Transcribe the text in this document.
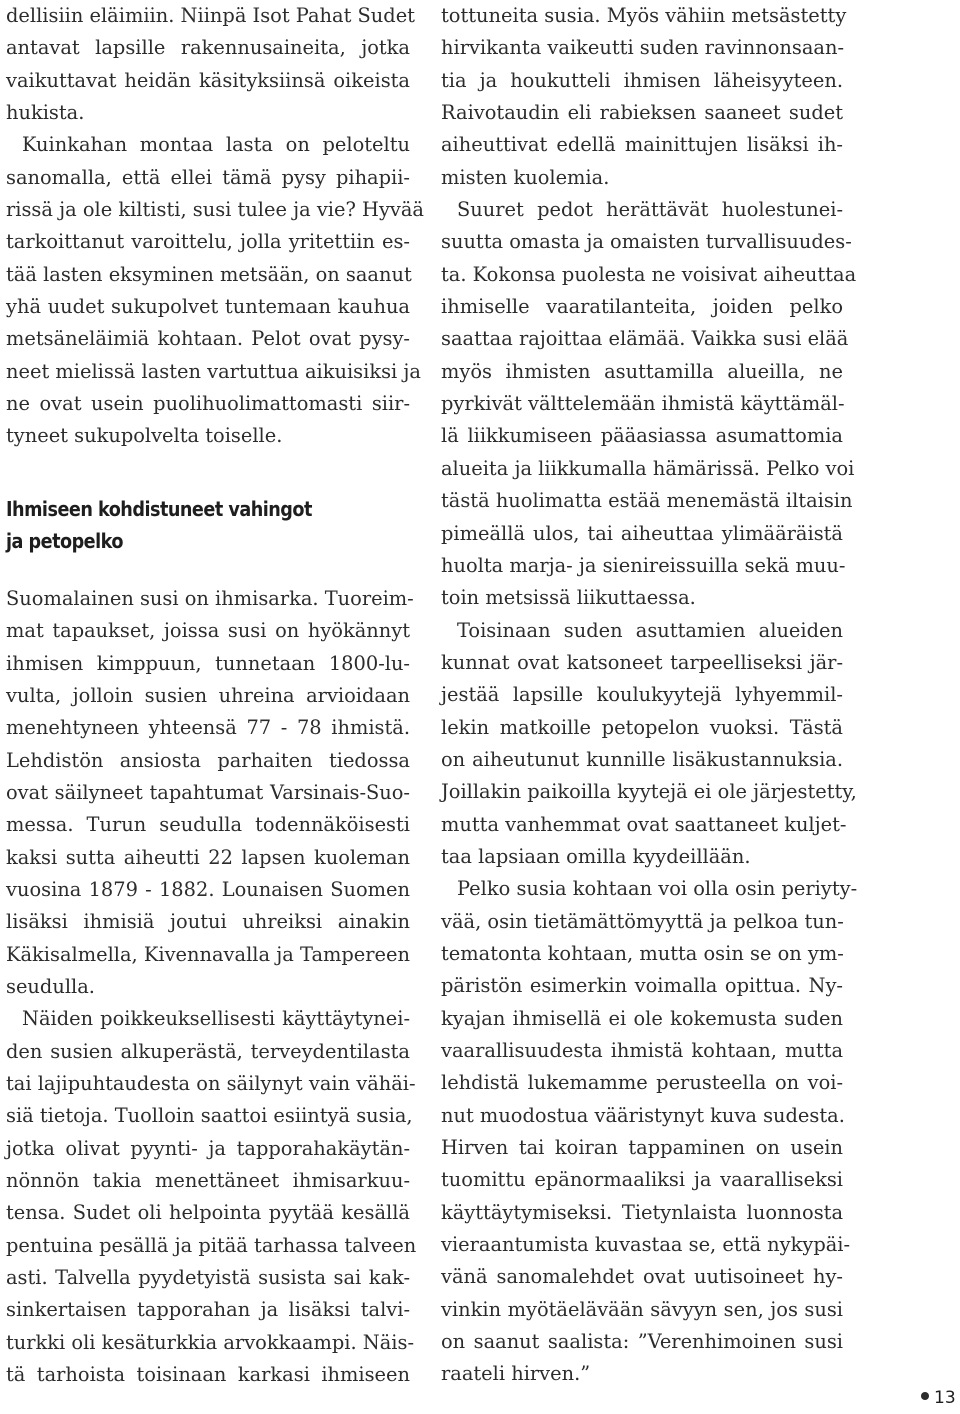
dellisiin eläimiin. Niinpä Isot Pahat Sudet
antavat lapsille rakennusaineita, jotka
vaikuttavat heidän käsityksiinsä oikeista
hukista.
Kuinkahan montaa lasta on peloteltu
sanomalla, että ellei tämä pysy pihapii-
rissä ja ole kiltisti, susi tulee ja vie? Hyvää
tarkoittanut varoittelu, jolla yritettiin es-
tää lasten eksyminen metsään, on saanut
yhä uudet sukupolvet tuntemaan kauhua
metsäneläimiä kohtaan. Pelot ovat pysy-
neet mielissä lasten vartuttua aikuisiksi ja
ne ovat usein puolihuolimattomasti siir-
tyneet sukupolvelta toiselle.
Ihmiseen kohdistuneet vahingot
ja petopelko
Suomalainen susi on ihmisarka. Tuoreim-
mat tapaukset, joissa susi on hyökännyt
ihmisen kimppuun, tunnetaan 1800-lu-
vulta, jolloin susien uhreina arvioidaan
menehtyneen yhteensä 77 - 78 ihmistä.
Lehdistön ansiosta parhaiten tiedossa
ovat säilyneet tapahtumat Varsinais-Suo-
messa. Turun seudulla todennäköisesti
kaksi sutta aiheutti 22 lapsen kuoleman
vuosina 1879 - 1882. Lounaisen Suomen
lisäksi ihmisiä joutui uhreiksi ainakin
Käkisalmella, Kivennavalla ja Tampereen
seudulla.
Näiden poikkeuksellisesti käyttäytynei-
den susien alkuperästä, terveydentilasta
tai lajipuhtaudesta on säilynyt vain vähäi-
siä tietoja. Tuolloin saattoi esiintyä susia,
jotka olivat pyynti- ja tapporahakäytän-
nönnön takia menettäneet ihmisarkuu-
tensa. Sudet oli helpointa pyytää kesällä
pentuina pesällä ja pitää tarhassa talveen
asti. Talvella pyydetyistä susista sai kak-
sinkertaisen tapporahan ja lisäksi talvi-
turkki oli kesäturkkia arvokkaampi. Näis-
tä tarhoista toisinaan karkasi ihmiseen
tottuneita susia. Myös vähiin metsästetty
hirvikanta vaikeutti suden ravinnonsaan-
tia ja houkutteli ihmisen läheisyyteen.
Raivotaudin eli rabieksen saaneet sudet
aiheuttivat edellä mainittujen lisäksi ih-
misten kuolemia.
Suuret pedot herättävät huolestunei-
suutta omasta ja omaisten turvallisuudes-
ta. Kokonsa puolesta ne voisivat aiheuttaa
ihmiselle vaaratilanteita, joiden pelko
saattaa rajoittaa elämää. Vaikka susi elää
myös ihmisten asuttamilla alueilla, ne
pyrkivät välttelemään ihmistä käyttämäl-
lä liikkumiseen pääasiassa asumattomia
alueita ja liikkumalla hämärissä. Pelko voi
tästä huolimatta estää menemästä iltaisin
pimeällä ulos, tai aiheuttaa ylimääräistä
huolta marja- ja sienireissuilla sekä muu-
toin metsissä liikuttaessa.
Toisinaan suden asuttamien alueiden
kunnat ovat katsoneet tarpeelliseksi jär-
jestää lapsille koulukyytejä lyhyemmil-
lekin matkoille petopelon vuoksi. Tästä
on aiheutunut kunnille lisäkustannuksia.
Joillakin paikoilla kyytejä ei ole järjestetty,
mutta vanhemmat ovat saattaneet kuljet-
taa lapsiaan omilla kyydeillään.
Pelko susia kohtaan voi olla osin periyty-
vää, osin tietämättömyyttä ja pelkoa tun-
tematonta kohtaan, mutta osin se on ym-
päristön esimerkin voimalla opittua. Ny-
kyajan ihmisellä ei ole kokemusta suden
vaarallisuudesta ihmistä kohtaan, mutta
lehdistä lukemamme perusteella on voi-
nut muodostua vääristynyt kuva sudesta.
Hirven tai koiran tappaminen on usein
tuomittu epänormaaliksi ja vaaralliseksi
käyttäytymiseksi. Tietynlaista luonnosta
vieraantumista kuvastaa se, että nykypäi-
vänä sanomalehdet ovat uutisoineet hy-
vinkin myötäelävään sävyyn sen, jos susi
on saanut saalista: ”Verenhimoinen susi
raateli hirven.”
13
